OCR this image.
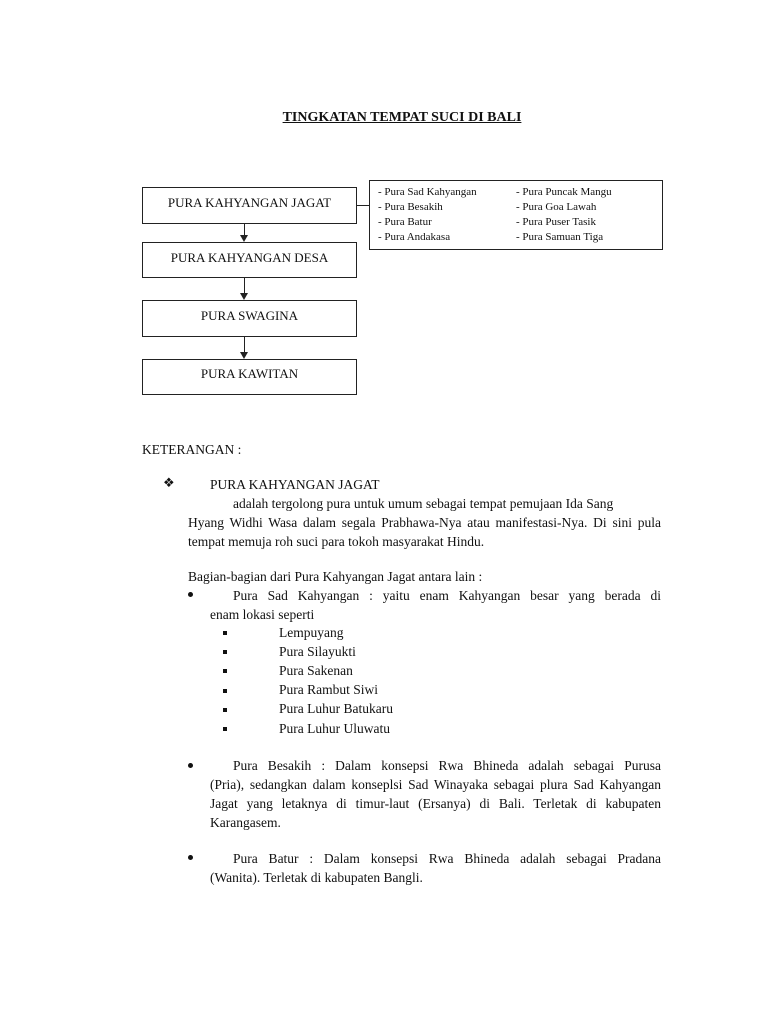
TINGKATAN TEMPAT SUCI DI BALI
PURA KAHYANGAN JAGAT
PURA KAHYANGAN DESA
PURA SWAGINA
PURA KAWITAN
- Pura Sad Kahyangan
- Pura Besakih
- Pura Batur
- Pura Andakasa
- Pura Puncak Mangu
- Pura Goa Lawah
- Pura Puser Tasik
- Pura Samuan Tiga
KETERANGAN :
❖	PURA KAHYANGAN JAGAT
adalah tergolong pura untuk umum sebagai tempat pemujaan Ida Sang
Hyang Widhi Wasa dalam segala Prabhawa-Nya atau manifestasi-Nya. Di sini pula tempat memuja roh suci para tokoh masyarakat Hindu.
Bagian-bagian dari Pura Kahyangan Jagat antara lain :
Pura Sad Kahyangan : yaitu enam Kahyangan besar yang berada di
enam lokasi seperti
Lempuyang
Pura Silayukti
Pura Sakenan
Pura Rambut Siwi
Pura Luhur Batukaru
Pura Luhur Uluwatu
Pura Besakih : Dalam konsepsi Rwa Bhineda adalah sebagai Purusa
(Pria), sedangkan dalam konseplsi Sad Winayaka sebagai plura Sad Kahyangan Jagat yang letaknya di timur-laut (Ersanya) di Bali. Terletak di kabupaten Karangasem.
Pura Batur : Dalam konsepsi Rwa Bhineda adalah sebagai Pradana
(Wanita). Terletak di kabupaten Bangli.
